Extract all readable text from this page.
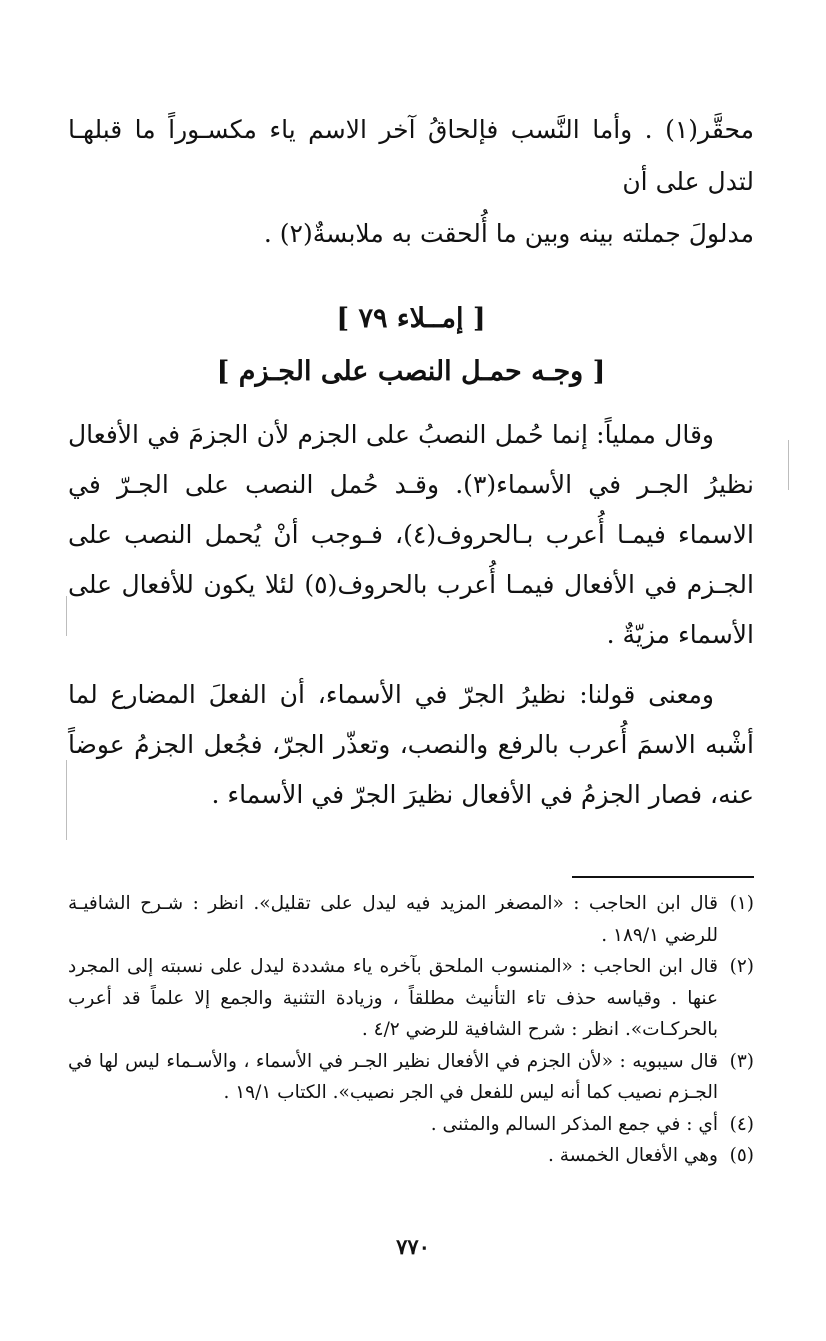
محقَّر(١) . وأما النَّسب فإلحاقُ آخر الاسم ياء مكسـوراً ما قبلهـا لتدل على أن

مدلولَ جملته بينه وبين ما أُلحقت به ملابسةٌ(٢) .

[ إمــلاء ٧٩ ]
[ وجـه حمـل النصب على الجـزم ]

وقال مملياً: إنما حُمل النصبُ على الجزم لأن الجزمَ في الأفعال نظيرُ الجـر في الأسماء(٣). وقـد حُمل النصب على الجـرّ في الاسماء فيمـا أُعرب بـالحروف(٤)، فـوجب أنْ يُحمل النصب على الجـزم في الأفعال فيمـا أُعرب بالحروف(٥) لئلا يكون للأفعال على الأسماء مزيّةٌ .

ومعنى قولنا: نظيرُ الجرّ في الأسماء، أن الفعلَ المضارع لما أشْبه الاسمَ أُعرب بالرفع والنصب، وتعذّر الجرّ، فجُعل الجزمُ عوضاً عنه، فصار الجزمُ في الأفعال نظيرَ الجرّ في الأسماء .

(١)
قال ابن الحاجب : «المصغر المزيد فيه ليدل على تقليل». انظر : شـرح الشافيـة للرضي ١٨٩/١ .
(٢)
قال ابن الحاجب : «المنسوب الملحق بآخره ياء مشددة ليدل على نسبته إلى المجرد عنها . وقياسه حذف تاء التأنيث مطلقاً ، وزيادة التثنية والجمع إلا علماً قد أعرب بالحركـات». انظر : شرح الشافية للرضي ٤/٢ .
(٣)
قال سيبويه : «لأن الجزم في الأفعال نظير الجـر في الأسماء ، والأسـماء ليس لها في الجـزم نصيب كما أنه ليس للفعل في الجر نصيب». الكتاب ١٩/١ .
(٤)
أي : في جمع المذكر السالم والمثنى .
(٥)
وهي الأفعال الخمسة .
٧٧٠
